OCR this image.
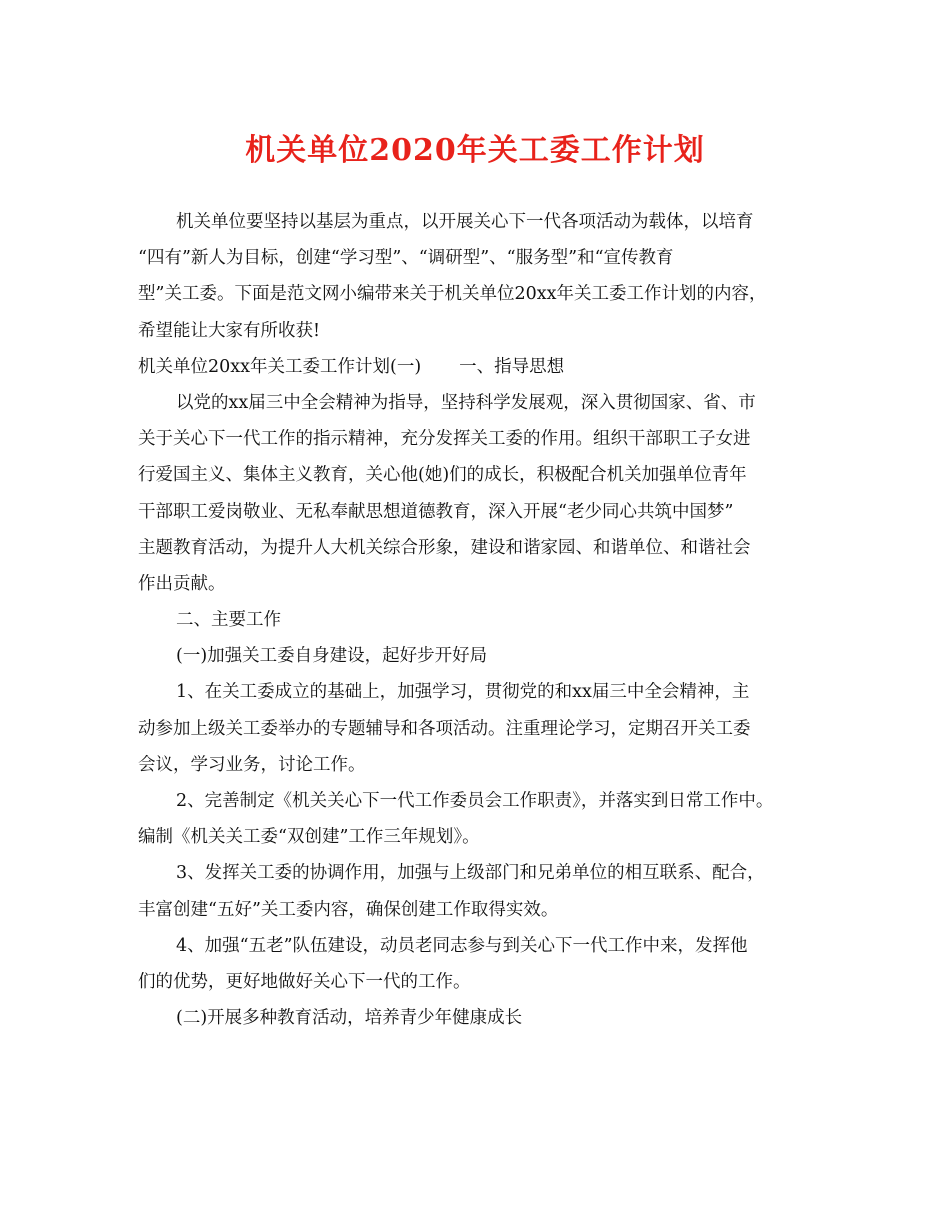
机关单位2020年关工委工作计划
机关单位要坚持以基层为重点，以开展关心下一代各项活动为载体，以培育
“四有”新人为目标，创建“学习型”、“调研型”、“服务型”和“宣传教育
型”关工委。下面是范文网小编带来关于机关单位20xx年关工委工作计划的内容，
希望能让大家有所收获!
机关单位20xx年关工委工作计划(一) 一、指导思想
以党的xx届三中全会精神为指导，坚持科学发展观，深入贯彻国家、省、市
关于关心下一代工作的指示精神，充分发挥关工委的作用。组织干部职工子女进
行爱国主义、集体主义教育，关心他(她)们的成长，积极配合机关加强单位青年
干部职工爱岗敬业、无私奉献思想道德教育，深入开展“老少同心共筑中国梦”
主题教育活动，为提升人大机关综合形象，建设和谐家园、和谐单位、和谐社会
作出贡献。
二、主要工作
(一)加强关工委自身建设，起好步开好局
1、在关工委成立的基础上，加强学习，贯彻党的和xx届三中全会精神，主
动参加上级关工委举办的专题辅导和各项活动。注重理论学习，定期召开关工委
会议，学习业务，讨论工作。
2、完善制定《机关关心下一代工作委员会工作职责》，并落实到日常工作中。
编制《机关关工委“双创建”工作三年规划》。
3、发挥关工委的协调作用，加强与上级部门和兄弟单位的相互联系、配合，
丰富创建“五好”关工委内容，确保创建工作取得实效。
4、加强“五老”队伍建设，动员老同志参与到关心下一代工作中来，发挥他
们的优势，更好地做好关心下一代的工作。
(二)开展多种教育活动，培养青少年健康成长
